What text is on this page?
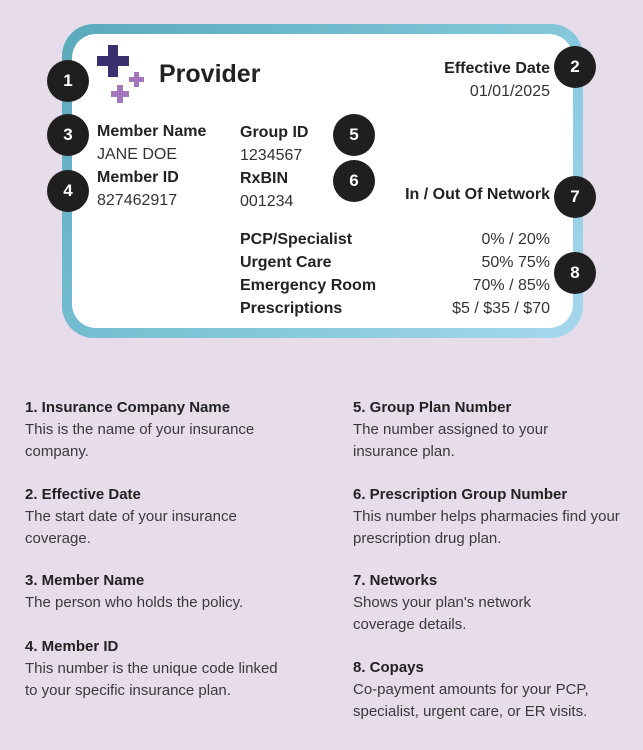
Provider	Effective Date
01/01/2025
Member Name
JANE DOE
Member ID
827462917
Group ID
1234567
RxBIN
001234	In / Out Of Network
PCP/Specialist	0% / 20%
Urgent Care	50% 75%
Emergency Room	70% / 85%
Prescriptions	$5 / $35 / $70
1
2
3
4
5
6
7
8
1. Insurance Company Name
This is the name of your insurance company.
2. Effective Date
The start date of your insurance coverage.
3. Member Name
The person who holds the policy.
4. Member ID
This number is the unique code linked to your specific insurance plan.
5. Group Plan Number
The number assigned to your insurance plan.
6. Prescription Group Number
This number helps pharmacies find your prescription drug plan.
7. Networks
Shows your plan's network coverage details.
8. Copays
Co-payment amounts for your PCP, specialist, urgent care, or ER visits.
